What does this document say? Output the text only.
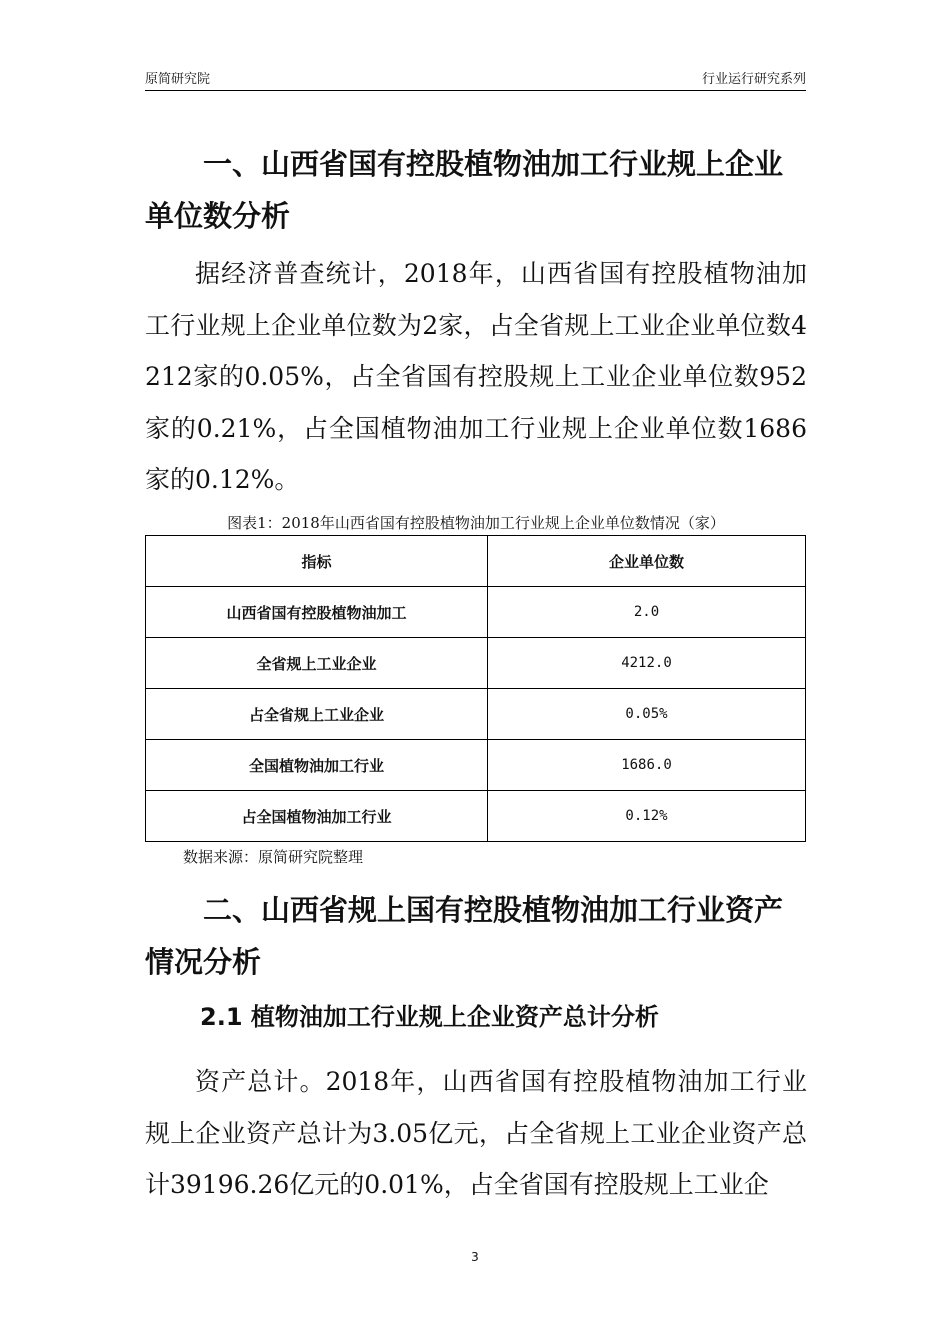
原简研究院	行业运行研究系列
一、山西省国有控股植物油加工行业规上企业单位数分析

据经济普查统计，2018年，山西省国有控股植物油加工行业规上企业单位数为2家，占全省规上工业企业单位数4212家的0.05%，占全省国有控股规上工业企业单位数952家的0.21%，占全国植物油加工行业规上企业单位数1686家的0.12%。

图表1：2018年山西省国有控股植物油加工行业规上企业单位数情况（家）
指标	企业单位数
山西省国有控股植物油加工	2.0
全省规上工业企业	4212.0
占全省规上工业企业	0.05%
全国植物油加工行业	1686.0
占全国植物油加工行业	0.12%
数据来源：原简研究院整理
二、山西省规上国有控股植物油加工行业资产情况分析
2.1 植物油加工行业规上企业资产总计分析

资产总计。2018年，山西省国有控股植物油加工行业规上企业资产总计为3.05亿元，占全省规上工业企业资产总计39196.26亿元的0.01%，占全省国有控股规上工业企

3
